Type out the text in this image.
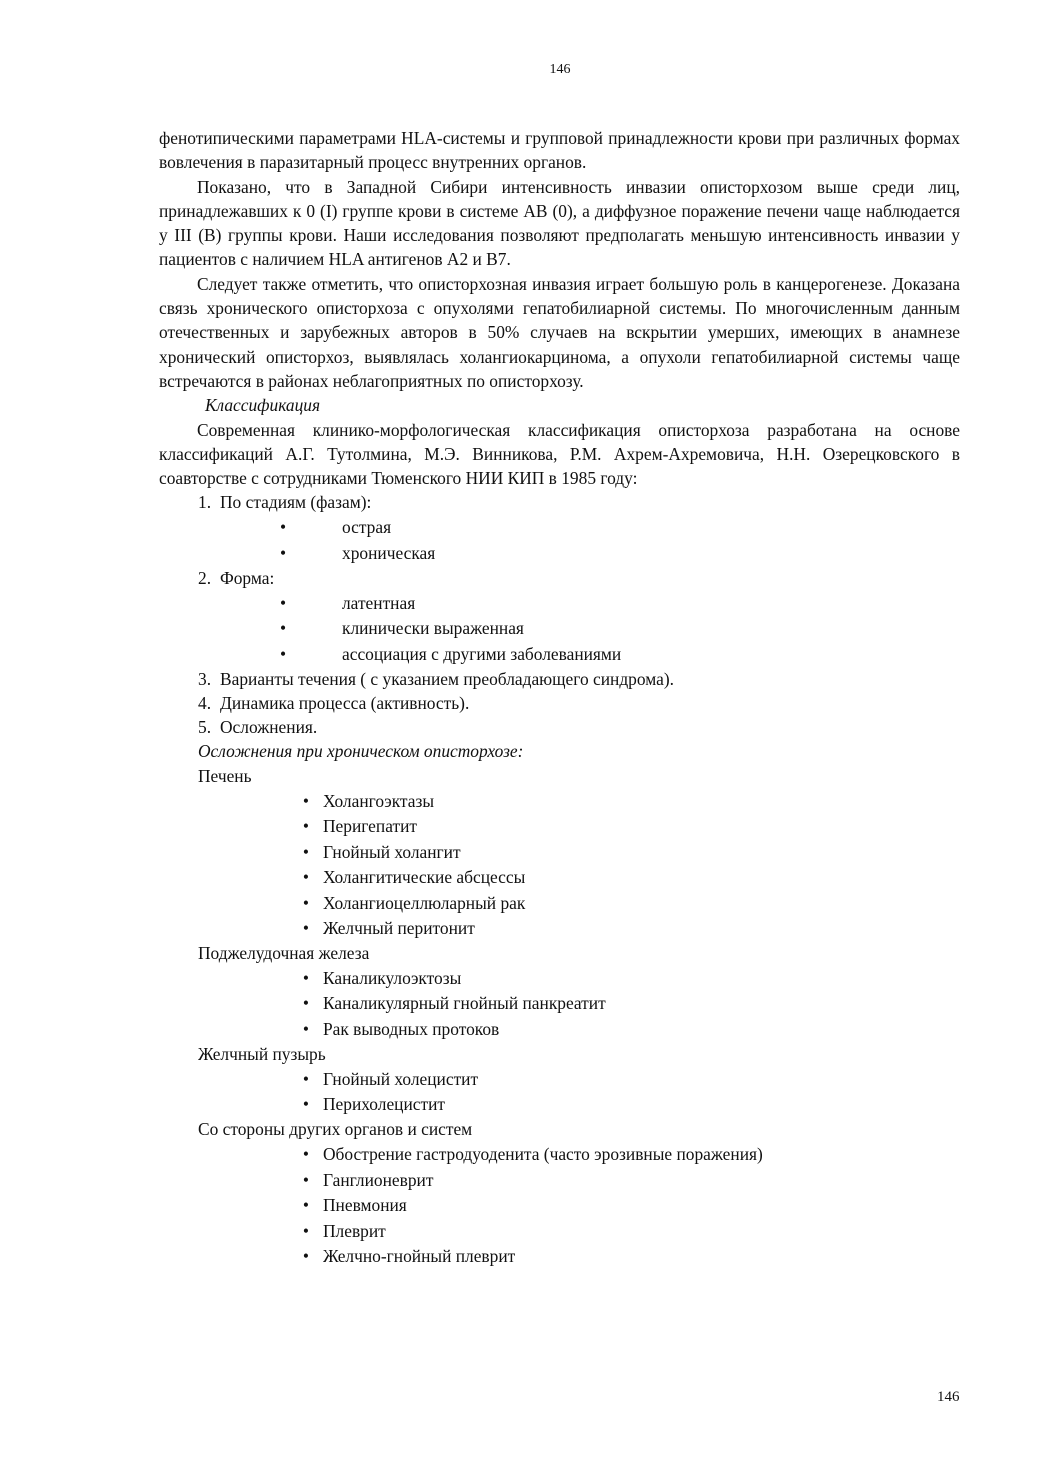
146

фенотипическими параметрами HLA-системы и групповой принадлежности крови при различных формах вовлечения в паразитарный процесс внутренних органов.

Показано, что в Западной Сибири интенсивность инвазии описторхозом выше среди лиц, принадлежавших к 0 (I) группе крови в системе AB (0), а диффузное поражение печени чаще наблюдается у III (B) группы крови. Наши исследования позволяют предполагать меньшую интенсивность инвазии у пациентов с наличием HLA антигенов A2 и B7.

Следует также отметить, что описторхозная инвазия играет большую роль в канцерогенезе. Доказана связь хронического описторхоза с опухолями гепатобилиарной системы. По многочисленным данным отечественных и зарубежных авторов в 50% случаев на вскрытии умерших, имеющих в анамнезе хронический описторхоз, выявлялась холангиокарцинома, а опухоли гепатобилиарной системы чаще встречаются в районах неблагоприятных по описторхозу.

Классификация

Современная клинико-морфологическая классификация описторхоза разработана на основе классификаций А.Г. Тутолмина, М.Э. Винникова, Р.М. Ахрем-Ахремовича, Н.Н. Озерецковского в соавторстве с сотрудниками Тюменского НИИ КИП в 1985 году:

1. По стадиям (фазам):
•	острая
•	хроническая
2. Форма:
•	латентная
•	клинически выраженная
•	ассоциация с другими заболеваниями
3. Варианты течения ( с указанием преобладающего синдрома).
4. Динамика процесса (активность).
5. Осложнения.
Осложнения при хроническом описторхозе:
Печень
• Холангоэктазы
• Перигепатит
• Гнойный холангит
• Холангитические абсцессы
• Холангиоцеллюларный рак
• Желчный перитонит
Поджелудочная железа
• Каналикулоэктозы
• Каналикулярный гнойный панкреатит
• Рак выводных протоков
Желчный пузырь
• Гнойный холецистит
• Перихолецистит
Со стороны других органов и систем
• Обострение гастродуоденита (часто эрозивные поражения)
• Ганглионеврит
• Пневмония
• Плеврит
• Желчно-гнойный плеврит
146
